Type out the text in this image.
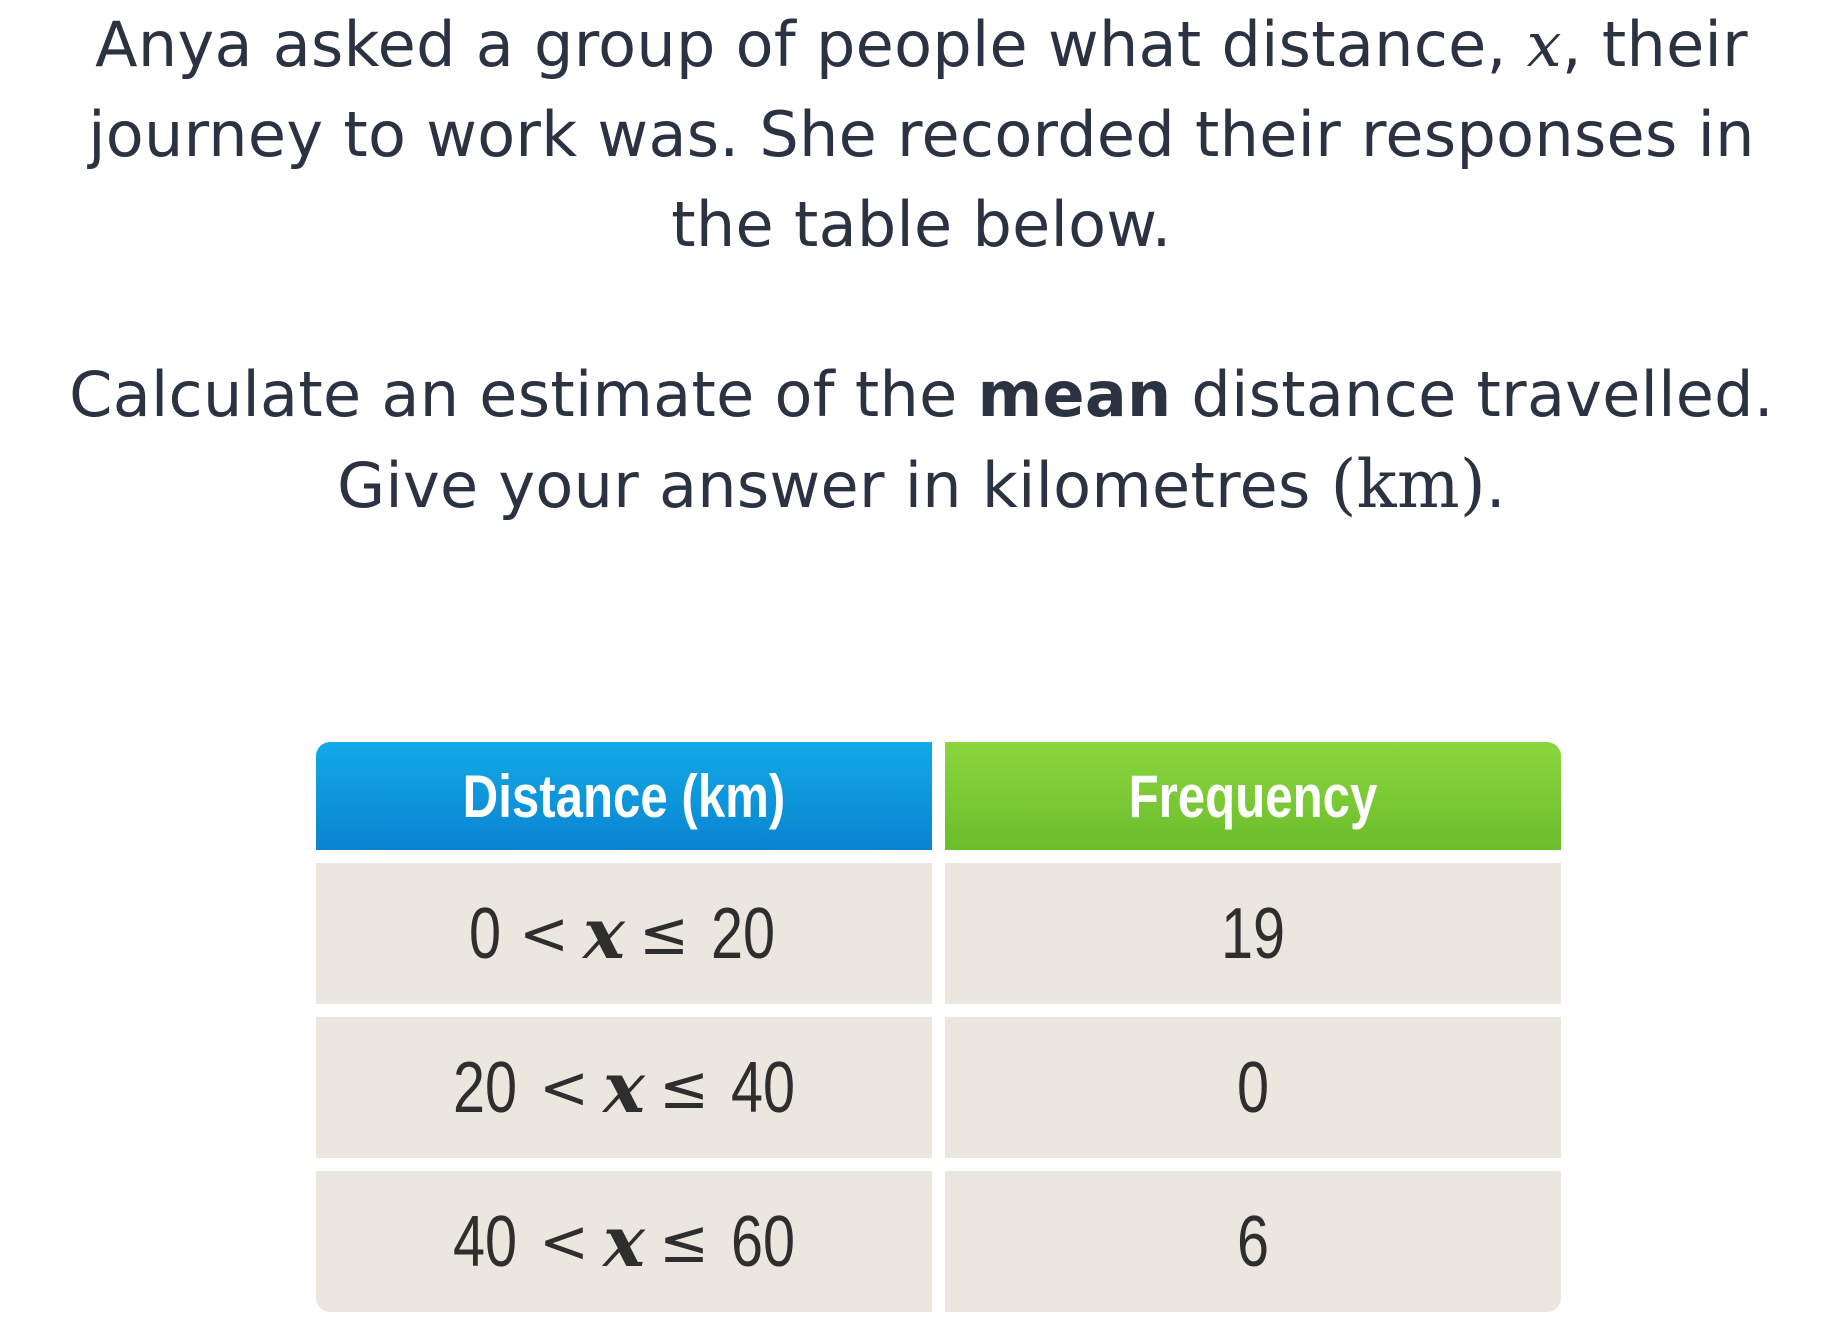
Anya asked a group of people what distance, x, their journey to work was. She recorded their responses in the table below.
Calculate an estimate of the mean distance travelled.
Give your answer in kilometres (km).
Distance (km)	Frequency
0 < x ≤ 20	19
20 < x ≤ 40	0
40 < x ≤ 60	6
